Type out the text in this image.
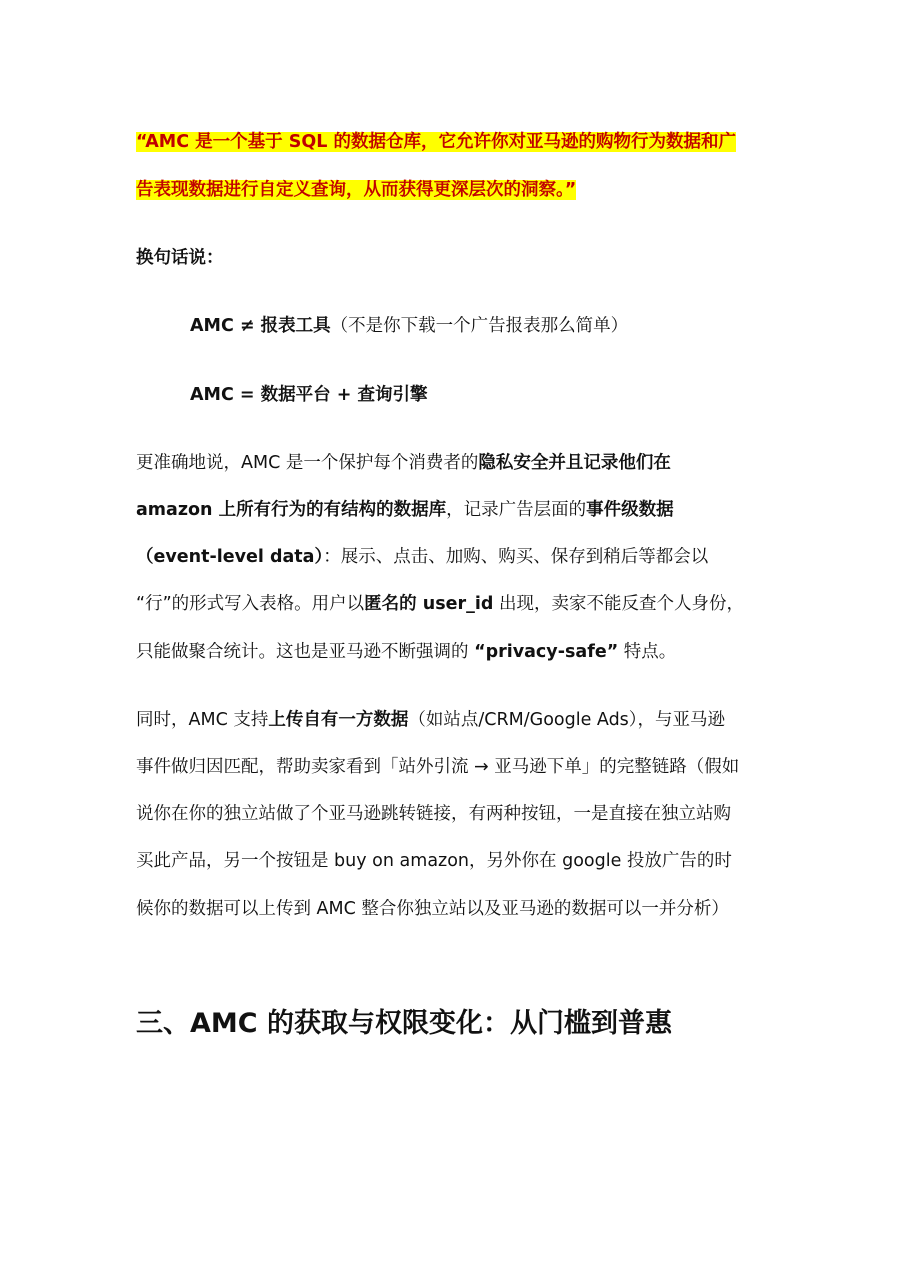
“AMC 是一个基于 SQL 的数据仓库，它允许你对亚马逊的购物行为数据和广
告表现数据进行自定义查询，从而获得更深层次的洞察。”
换句话说：
AMC ≠ 报表工具（不是你下载一个广告报表那么简单）
AMC = 数据平台 + 查询引擎
更准确地说，AMC 是一个保护每个消费者的隐私安全并且记录他们在
amazon 上所有行为的有结构的数据库，记录广告层面的事件级数据
（event-level data）：展示、点击、加购、购买、保存到稍后等都会以
“行”的形式写入表格。用户以匿名的 user_id 出现，卖家不能反查个人身份，
只能做聚合统计。这也是亚马逊不断强调的 “privacy-safe” 特点。
同时，AMC 支持上传自有一方数据（如站点/CRM/Google Ads），与亚马逊
事件做归因匹配，帮助卖家看到「站外引流 → 亚马逊下单」的完整链路（假如
说你在你的独立站做了个亚马逊跳转链接，有两种按钮，一是直接在独立站购
买此产品，另一个按钮是 buy on amazon，另外你在 google 投放广告的时
候你的数据可以上传到 AMC 整合你独立站以及亚马逊的数据可以一并分析）
三、AMC 的获取与权限变化：从门槛到普惠
